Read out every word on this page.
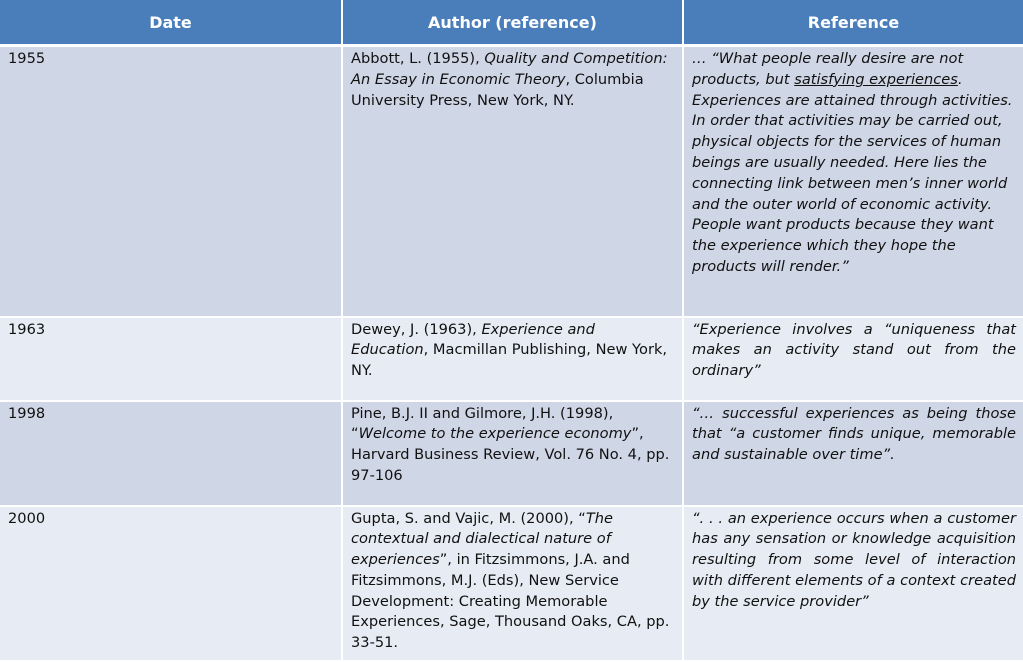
Date	Author (reference)	Reference
1955	Abbott, L. (1955), Quality and Competition: An Essay in Economic Theory, Columbia University Press, New York, NY.	… “What people really desire are not products, but satisfying experiences. Experiences are attained through activities. In order that activities may be carried out, physical objects for the services of human beings are usually needed. Here lies the connecting link between men’s inner world and the outer world of economic activity. People want products because they want the experience which they hope the products will render.”
1963	Dewey, J. (1963), Experience and Education, Macmillan Publishing, New York, NY.	“Experience involves a “uniqueness that makes an activity stand out from the ordinary”
1998	Pine, B.J. II and Gilmore, J.H. (1998), “Welcome to the experience economy”, Harvard Business Review, Vol. 76 No. 4, pp. 97-106	“… successful experiences as being those that “a customer finds unique, memorable and sustainable over time”.
2000	Gupta, S. and Vajic, M. (2000), “The contextual and dialectical nature of experiences”, in Fitzsimmons, J.A. and Fitzsimmons, M.J. (Eds), New Service Development: Creating Memorable Experiences, Sage, Thousand Oaks, CA, pp. 33-51.	“. . . an experience occurs when a customer has any sensation or knowledge acquisition resulting from some level of interaction with different elements of a context created by the service provider”
